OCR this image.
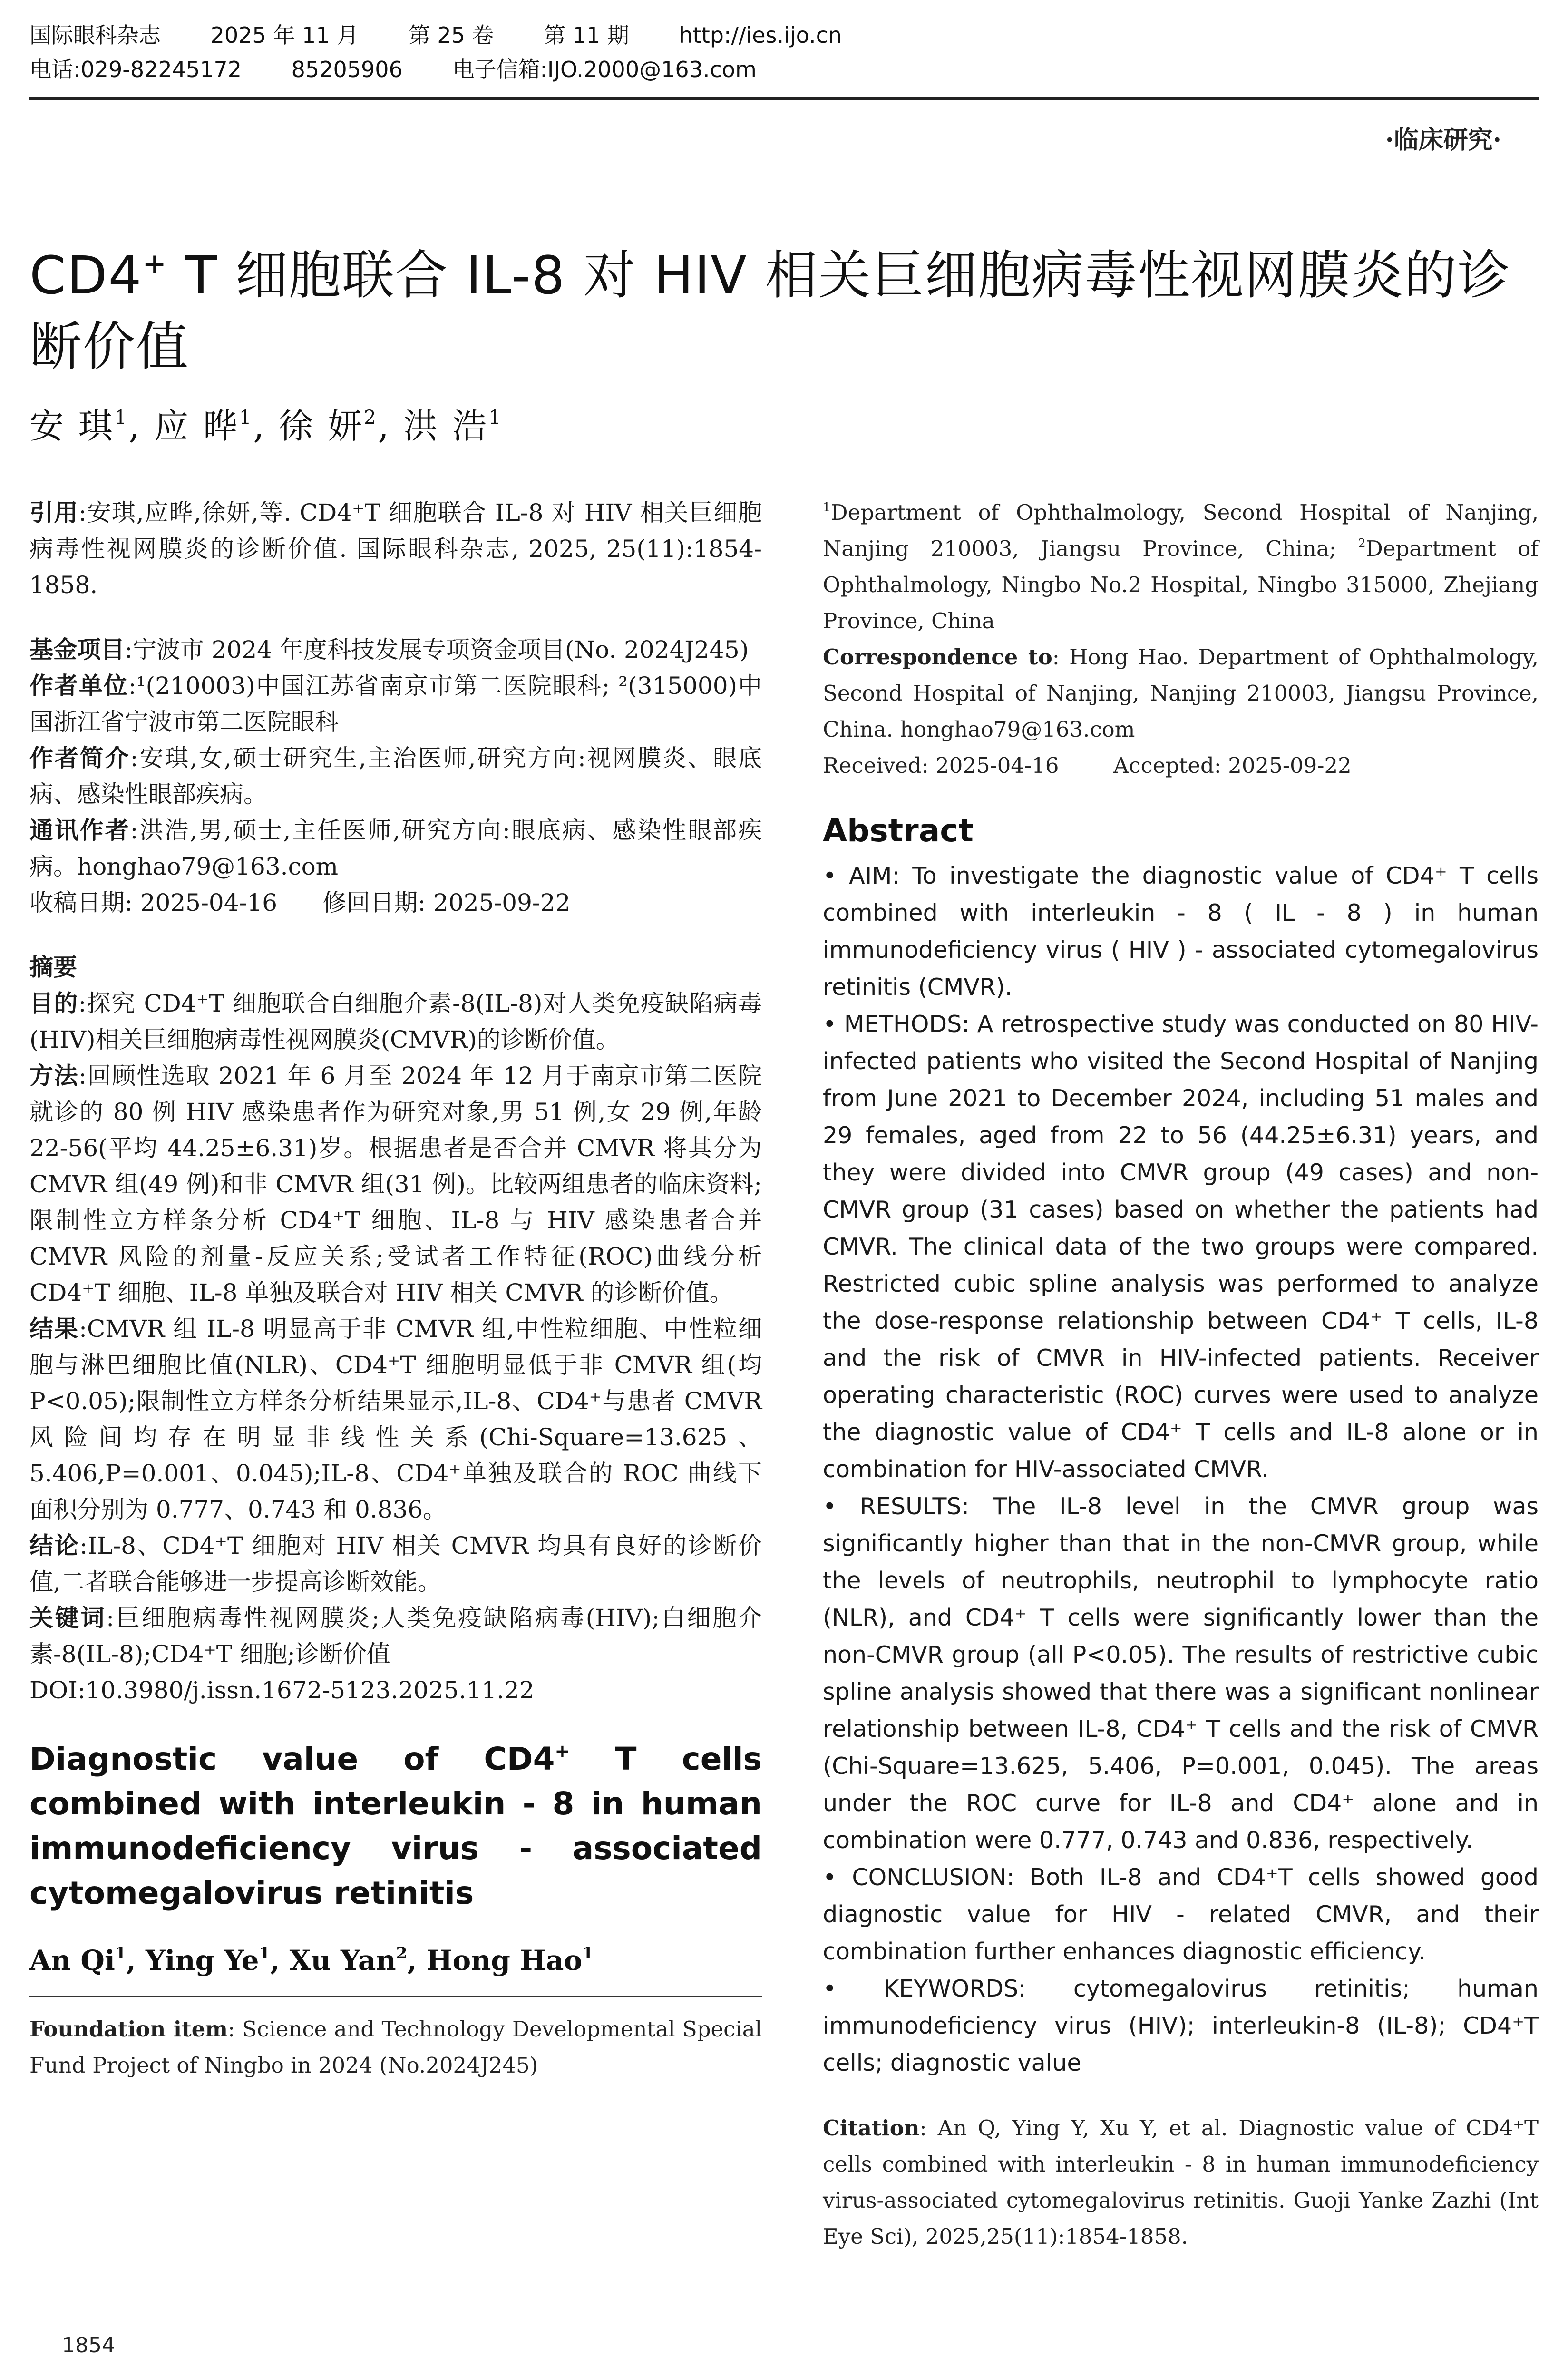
国际眼科杂志 2025 年 11 月 第 25 卷 第 11 期 http://ies.ijo.cn
电话:029-82245172 85205906 电子信箱:IJO.2000@163.com
·临床研究·
CD4+ T 细胞联合 IL-8 对 HIV 相关巨细胞病毒性视网膜炎的诊断价值
安 琪$^1$, 应 晔$^1$, 徐 妍$^2$, 洪 浩$^1$

引用:安琪,应晔,徐妍,等. CD4⁺T 细胞联合 IL-8 对 HIV 相关巨细胞病毒性视网膜炎的诊断价值. 国际眼科杂志, 2025, 25(11):1854-1858.

基金项目:宁波市 2024 年度科技发展专项资金项目(No. 2024J245)

作者单位:¹(210003)中国江苏省南京市第二医院眼科; ²(315000)中国浙江省宁波市第二医院眼科

作者简介:安琪,女,硕士研究生,主治医师,研究方向:视网膜炎、眼底病、感染性眼部疾病。

通讯作者:洪浩,男,硕士,主任医师,研究方向:眼底病、感染性眼部疾病。honghao79@163.com

收稿日期: 2025-04-16 修回日期: 2025-09-22

摘要

目的:探究 CD4⁺T 细胞联合白细胞介素-8(IL-8)对人类免疫缺陷病毒(HIV)相关巨细胞病毒性视网膜炎(CMVR)的诊断价值。

方法:回顾性选取 2021 年 6 月至 2024 年 12 月于南京市第二医院就诊的 80 例 HIV 感染患者作为研究对象,男 51 例,女 29 例,年龄 22-56(平均 44.25±6.31)岁。根据患者是否合并 CMVR 将其分为 CMVR 组(49 例)和非 CMVR 组(31 例)。比较两组患者的临床资料;限制性立方样条分析 CD4⁺T 细胞、IL-8 与 HIV 感染患者合并 CMVR 风险的剂量-反应关系;受试者工作特征(ROC)曲线分析 CD4⁺T 细胞、IL-8 单独及联合对 HIV 相关 CMVR 的诊断价值。

结果:CMVR 组 IL-8 明显高于非 CMVR 组,中性粒细胞、中性粒细胞与淋巴细胞比值(NLR)、CD4⁺T 细胞明显低于非 CMVR 组(均 P<0.05);限制性立方样条分析结果显示,IL-8、CD4⁺与患者 CMVR 风险间均存在明显非线性关系(Chi-Square=13.625、5.406,P=0.001、0.045);IL-8、CD4⁺单独及联合的 ROC 曲线下面积分别为 0.777、0.743 和 0.836。

结论:IL-8、CD4⁺T 细胞对 HIV 相关 CMVR 均具有良好的诊断价值,二者联合能够进一步提高诊断效能。

关键词:巨细胞病毒性视网膜炎;人类免疫缺陷病毒(HIV);白细胞介素-8(IL-8);CD4⁺T 细胞;诊断价值

DOI:10.3980/j.issn.1672-5123.2025.11.22

Diagnostic value of CD4+ T cells combined with interleukin - 8 in human immunodeficiency virus - associated cytomegalovirus retinitis

An Qi$^1$, Ying Ye$^1$, Xu Yan$^2$, Hong Hao$^1$

Foundation item: Science and Technology Developmental Special Fund Project of Ningbo in 2024 (No.2024J245)

$^1$Department of Ophthalmology, Second Hospital of Nanjing, Nanjing 210003, Jiangsu Province, China; $^2$Department of Ophthalmology, Ningbo No.2 Hospital, Ningbo 315000, Zhejiang Province, China

Correspondence to: Hong Hao. Department of Ophthalmology, Second Hospital of Nanjing, Nanjing 210003, Jiangsu Province, China. honghao79@163.com

Received: 2025-04-16	Accepted: 2025-09-22

Abstract

• AIM: To investigate the diagnostic value of CD4⁺ T cells combined with interleukin - 8 ( IL - 8 ) in human immunodeficiency virus ( HIV ) - associated cytomegalovirus retinitis (CMVR).

• METHODS: A retrospective study was conducted on 80 HIV-infected patients who visited the Second Hospital of Nanjing from June 2021 to December 2024, including 51 males and 29 females, aged from 22 to 56 (44.25±6.31) years, and they were divided into CMVR group (49 cases) and non-CMVR group (31 cases) based on whether the patients had CMVR. The clinical data of the two groups were compared. Restricted cubic spline analysis was performed to analyze the dose-response relationship between CD4⁺ T cells, IL-8 and the risk of CMVR in HIV-infected patients. Receiver operating characteristic (ROC) curves were used to analyze the diagnostic value of CD4⁺ T cells and IL-8 alone or in combination for HIV-associated CMVR.

• RESULTS: The IL-8 level in the CMVR group was significantly higher than that in the non-CMVR group, while the levels of neutrophils, neutrophil to lymphocyte ratio (NLR), and CD4⁺ T cells were significantly lower than the non-CMVR group (all P<0.05). The results of restrictive cubic spline analysis showed that there was a significant nonlinear relationship between IL-8, CD4⁺ T cells and the risk of CMVR (Chi-Square=13.625, 5.406, P=0.001, 0.045). The areas under the ROC curve for IL-8 and CD4⁺ alone and in combination were 0.777, 0.743 and 0.836, respectively.

• CONCLUSION: Both IL-8 and CD4⁺T cells showed good diagnostic value for HIV - related CMVR, and their combination further enhances diagnostic efficiency.

• KEYWORDS: cytomegalovirus retinitis; human immunodeficiency virus (HIV); interleukin-8 (IL-8); CD4⁺T cells; diagnostic value

Citation: An Q, Ying Y, Xu Y, et al. Diagnostic value of CD4⁺T cells combined with interleukin - 8 in human immunodeficiency virus-associated cytomegalovirus retinitis. Guoji Yanke Zazhi (Int Eye Sci), 2025,25(11):1854-1858.

1854
